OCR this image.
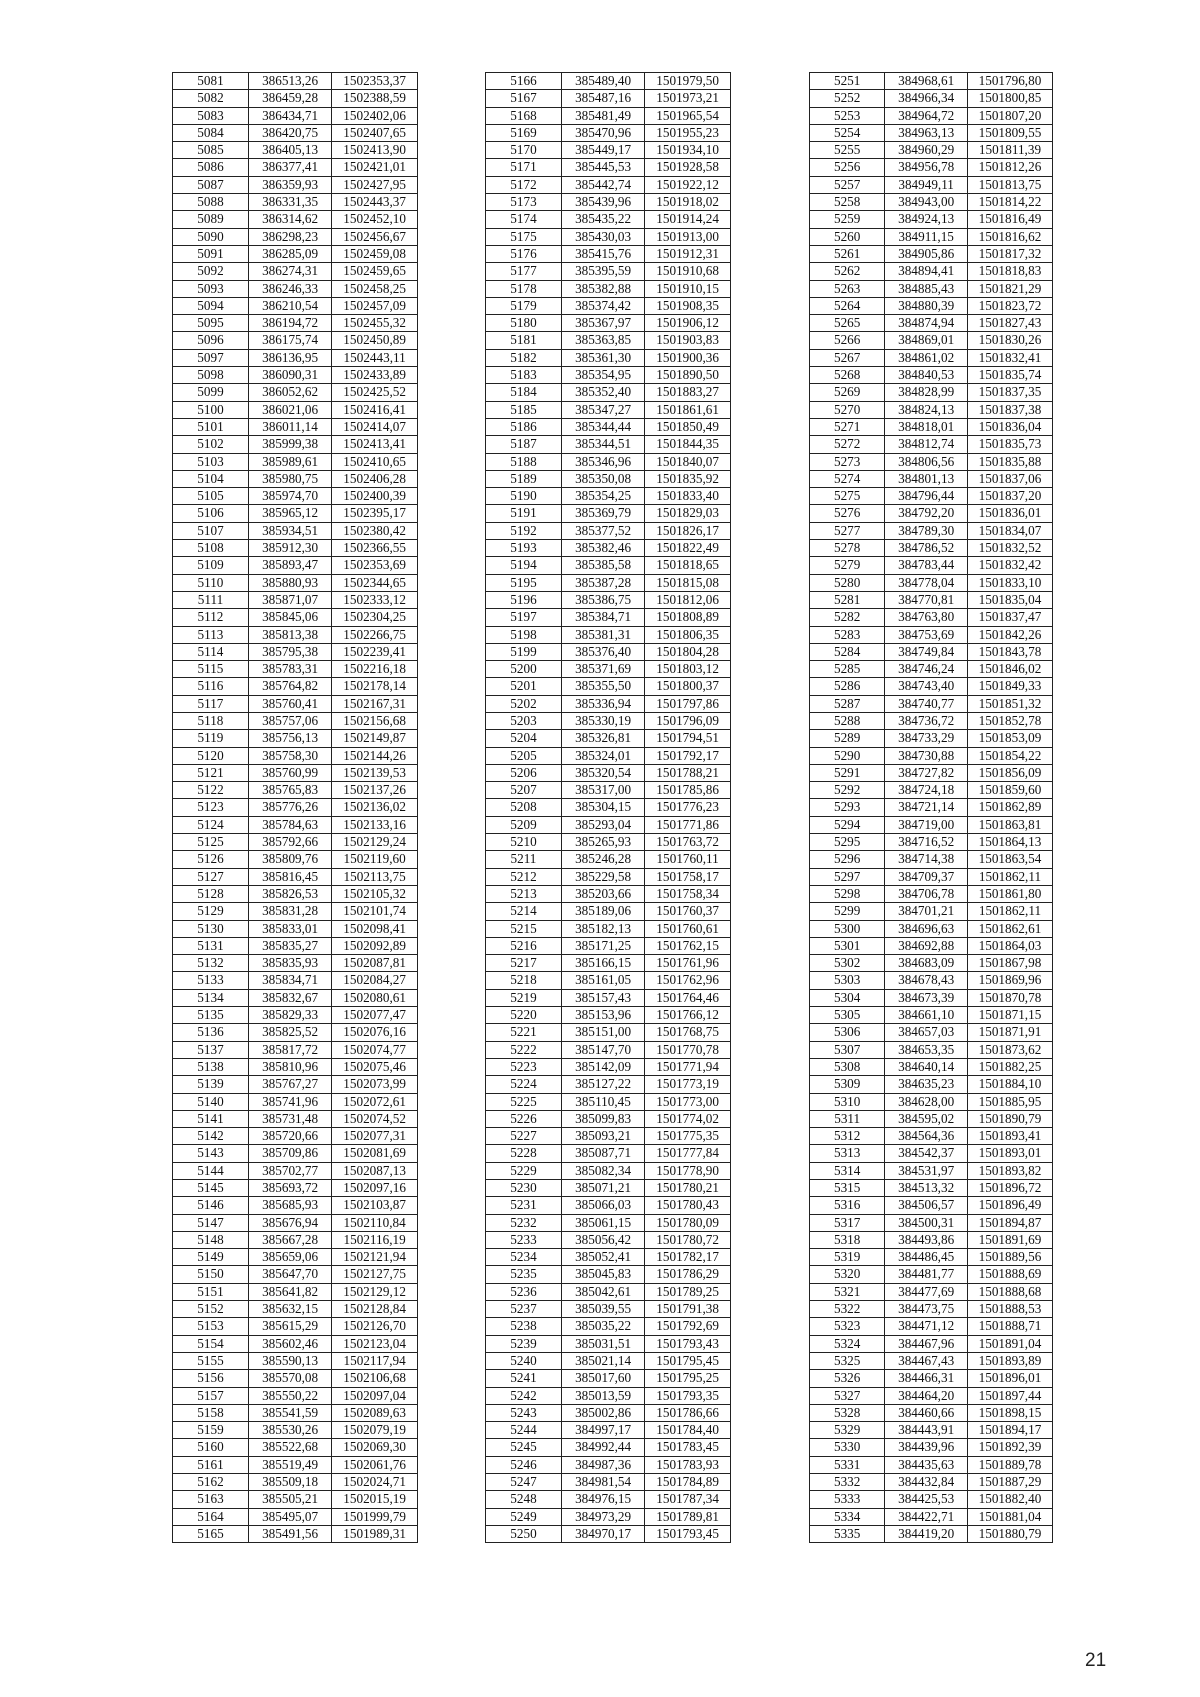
5081	386513,26	1502353,37
5082	386459,28	1502388,59
5083	386434,71	1502402,06
5084	386420,75	1502407,65
5085	386405,13	1502413,90
5086	386377,41	1502421,01
5087	386359,93	1502427,95
5088	386331,35	1502443,37
5089	386314,62	1502452,10
5090	386298,23	1502456,67
5091	386285,09	1502459,08
5092	386274,31	1502459,65
5093	386246,33	1502458,25
5094	386210,54	1502457,09
5095	386194,72	1502455,32
5096	386175,74	1502450,89
5097	386136,95	1502443,11
5098	386090,31	1502433,89
5099	386052,62	1502425,52
5100	386021,06	1502416,41
5101	386011,14	1502414,07
5102	385999,38	1502413,41
5103	385989,61	1502410,65
5104	385980,75	1502406,28
5105	385974,70	1502400,39
5106	385965,12	1502395,17
5107	385934,51	1502380,42
5108	385912,30	1502366,55
5109	385893,47	1502353,69
5110	385880,93	1502344,65
5111	385871,07	1502333,12
5112	385845,06	1502304,25
5113	385813,38	1502266,75
5114	385795,38	1502239,41
5115	385783,31	1502216,18
5116	385764,82	1502178,14
5117	385760,41	1502167,31
5118	385757,06	1502156,68
5119	385756,13	1502149,87
5120	385758,30	1502144,26
5121	385760,99	1502139,53
5122	385765,83	1502137,26
5123	385776,26	1502136,02
5124	385784,63	1502133,16
5125	385792,66	1502129,24
5126	385809,76	1502119,60
5127	385816,45	1502113,75
5128	385826,53	1502105,32
5129	385831,28	1502101,74
5130	385833,01	1502098,41
5131	385835,27	1502092,89
5132	385835,93	1502087,81
5133	385834,71	1502084,27
5134	385832,67	1502080,61
5135	385829,33	1502077,47
5136	385825,52	1502076,16
5137	385817,72	1502074,77
5138	385810,96	1502075,46
5139	385767,27	1502073,99
5140	385741,96	1502072,61
5141	385731,48	1502074,52
5142	385720,66	1502077,31
5143	385709,86	1502081,69
5144	385702,77	1502087,13
5145	385693,72	1502097,16
5146	385685,93	1502103,87
5147	385676,94	1502110,84
5148	385667,28	1502116,19
5149	385659,06	1502121,94
5150	385647,70	1502127,75
5151	385641,82	1502129,12
5152	385632,15	1502128,84
5153	385615,29	1502126,70
5154	385602,46	1502123,04
5155	385590,13	1502117,94
5156	385570,08	1502106,68
5157	385550,22	1502097,04
5158	385541,59	1502089,63
5159	385530,26	1502079,19
5160	385522,68	1502069,30
5161	385519,49	1502061,76
5162	385509,18	1502024,71
5163	385505,21	1502015,19
5164	385495,07	1501999,79
5165	385491,56	1501989,31
5166	385489,40	1501979,50
5167	385487,16	1501973,21
5168	385481,49	1501965,54
5169	385470,96	1501955,23
5170	385449,17	1501934,10
5171	385445,53	1501928,58
5172	385442,74	1501922,12
5173	385439,96	1501918,02
5174	385435,22	1501914,24
5175	385430,03	1501913,00
5176	385415,76	1501912,31
5177	385395,59	1501910,68
5178	385382,88	1501910,15
5179	385374,42	1501908,35
5180	385367,97	1501906,12
5181	385363,85	1501903,83
5182	385361,30	1501900,36
5183	385354,95	1501890,50
5184	385352,40	1501883,27
5185	385347,27	1501861,61
5186	385344,44	1501850,49
5187	385344,51	1501844,35
5188	385346,96	1501840,07
5189	385350,08	1501835,92
5190	385354,25	1501833,40
5191	385369,79	1501829,03
5192	385377,52	1501826,17
5193	385382,46	1501822,49
5194	385385,58	1501818,65
5195	385387,28	1501815,08
5196	385386,75	1501812,06
5197	385384,71	1501808,89
5198	385381,31	1501806,35
5199	385376,40	1501804,28
5200	385371,69	1501803,12
5201	385355,50	1501800,37
5202	385336,94	1501797,86
5203	385330,19	1501796,09
5204	385326,81	1501794,51
5205	385324,01	1501792,17
5206	385320,54	1501788,21
5207	385317,00	1501785,86
5208	385304,15	1501776,23
5209	385293,04	1501771,86
5210	385265,93	1501763,72
5211	385246,28	1501760,11
5212	385229,58	1501758,17
5213	385203,66	1501758,34
5214	385189,06	1501760,37
5215	385182,13	1501760,61
5216	385171,25	1501762,15
5217	385166,15	1501761,96
5218	385161,05	1501762,96
5219	385157,43	1501764,46
5220	385153,96	1501766,12
5221	385151,00	1501768,75
5222	385147,70	1501770,78
5223	385142,09	1501771,94
5224	385127,22	1501773,19
5225	385110,45	1501773,00
5226	385099,83	1501774,02
5227	385093,21	1501775,35
5228	385087,71	1501777,84
5229	385082,34	1501778,90
5230	385071,21	1501780,21
5231	385066,03	1501780,43
5232	385061,15	1501780,09
5233	385056,42	1501780,72
5234	385052,41	1501782,17
5235	385045,83	1501786,29
5236	385042,61	1501789,25
5237	385039,55	1501791,38
5238	385035,22	1501792,69
5239	385031,51	1501793,43
5240	385021,14	1501795,45
5241	385017,60	1501795,25
5242	385013,59	1501793,35
5243	385002,86	1501786,66
5244	384997,17	1501784,40
5245	384992,44	1501783,45
5246	384987,36	1501783,93
5247	384981,54	1501784,89
5248	384976,15	1501787,34
5249	384973,29	1501789,81
5250	384970,17	1501793,45
5251	384968,61	1501796,80
5252	384966,34	1501800,85
5253	384964,72	1501807,20
5254	384963,13	1501809,55
5255	384960,29	1501811,39
5256	384956,78	1501812,26
5257	384949,11	1501813,75
5258	384943,00	1501814,22
5259	384924,13	1501816,49
5260	384911,15	1501816,62
5261	384905,86	1501817,32
5262	384894,41	1501818,83
5263	384885,43	1501821,29
5264	384880,39	1501823,72
5265	384874,94	1501827,43
5266	384869,01	1501830,26
5267	384861,02	1501832,41
5268	384840,53	1501835,74
5269	384828,99	1501837,35
5270	384824,13	1501837,38
5271	384818,01	1501836,04
5272	384812,74	1501835,73
5273	384806,56	1501835,88
5274	384801,13	1501837,06
5275	384796,44	1501837,20
5276	384792,20	1501836,01
5277	384789,30	1501834,07
5278	384786,52	1501832,52
5279	384783,44	1501832,42
5280	384778,04	1501833,10
5281	384770,81	1501835,04
5282	384763,80	1501837,47
5283	384753,69	1501842,26
5284	384749,84	1501843,78
5285	384746,24	1501846,02
5286	384743,40	1501849,33
5287	384740,77	1501851,32
5288	384736,72	1501852,78
5289	384733,29	1501853,09
5290	384730,88	1501854,22
5291	384727,82	1501856,09
5292	384724,18	1501859,60
5293	384721,14	1501862,89
5294	384719,00	1501863,81
5295	384716,52	1501864,13
5296	384714,38	1501863,54
5297	384709,37	1501862,11
5298	384706,78	1501861,80
5299	384701,21	1501862,11
5300	384696,63	1501862,61
5301	384692,88	1501864,03
5302	384683,09	1501867,98
5303	384678,43	1501869,96
5304	384673,39	1501870,78
5305	384661,10	1501871,15
5306	384657,03	1501871,91
5307	384653,35	1501873,62
5308	384640,14	1501882,25
5309	384635,23	1501884,10
5310	384628,00	1501885,95
5311	384595,02	1501890,79
5312	384564,36	1501893,41
5313	384542,37	1501893,01
5314	384531,97	1501893,82
5315	384513,32	1501896,72
5316	384506,57	1501896,49
5317	384500,31	1501894,87
5318	384493,86	1501891,69
5319	384486,45	1501889,56
5320	384481,77	1501888,69
5321	384477,69	1501888,68
5322	384473,75	1501888,53
5323	384471,12	1501888,71
5324	384467,96	1501891,04
5325	384467,43	1501893,89
5326	384466,31	1501896,01
5327	384464,20	1501897,44
5328	384460,66	1501898,15
5329	384443,91	1501894,17
5330	384439,96	1501892,39
5331	384435,63	1501889,78
5332	384432,84	1501887,29
5333	384425,53	1501882,40
5334	384422,71	1501881,04
5335	384419,20	1501880,79
21
